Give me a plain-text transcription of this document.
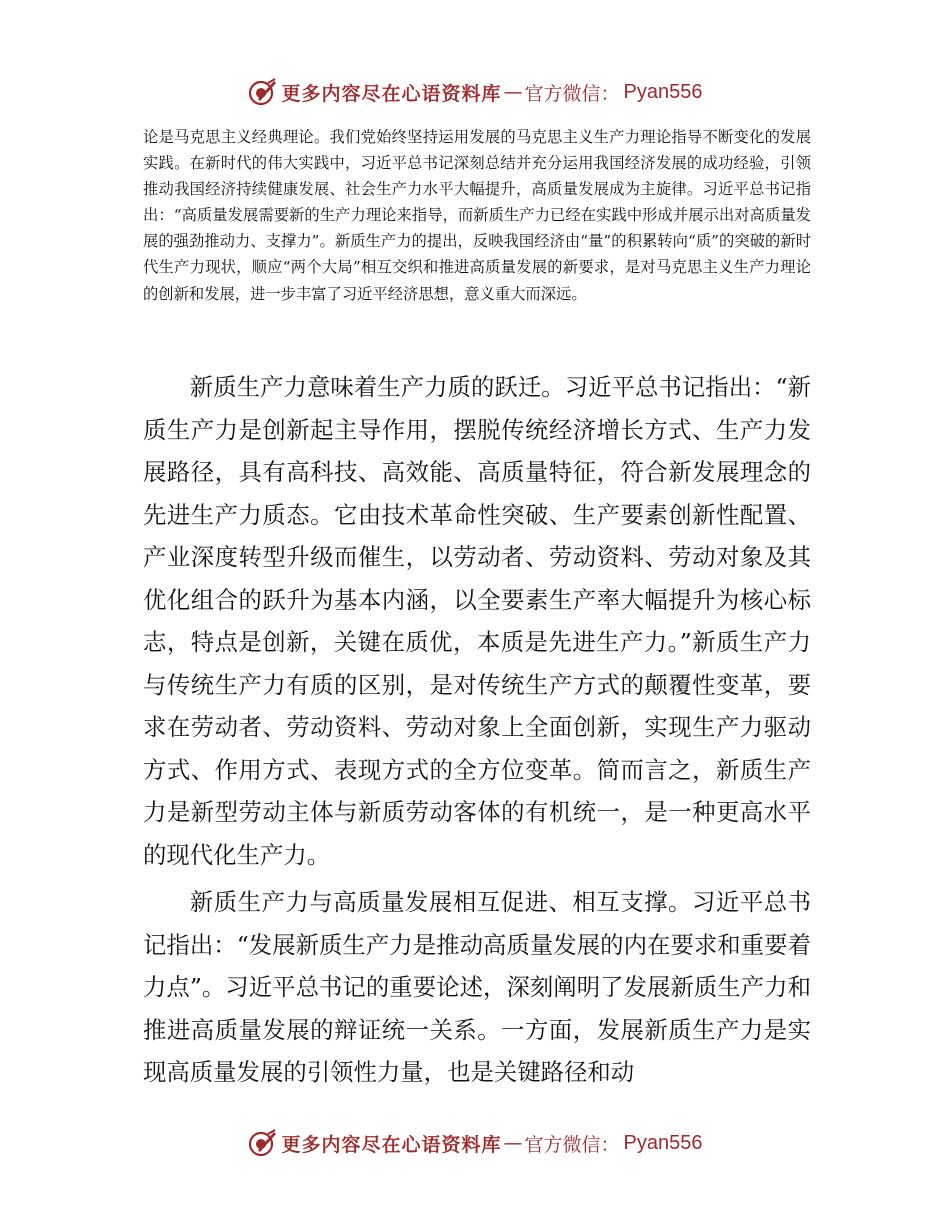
更多内容尽在心语资料库 — 官方微信： Pyan556

论是马克思主义经典理论。我们党始终坚持运用发展的马克思主义生产力理论指导不断变化的发展实践。在新时代的伟大实践中，习近平总书记深刻总结并充分运用我国经济发展的成功经验，引领推动我国经济持续健康发展、社会生产力水平大幅提升，高质量发展成为主旋律。习近平总书记指出：“高质量发展需要新的生产力理论来指导，而新质生产力已经在实践中形成并展示出对高质量发展的强劲推动力、支撑力”。新质生产力的提出，反映我国经济由“量”的积累转向“质”的突破的新时代生产力现状，顺应“两个大局”相互交织和推进高质量发展的新要求，是对马克思主义生产力理论的创新和发展，进一步丰富了习近平经济思想，意义重大而深远。

新质生产力意味着生产力质的跃迁。习近平总书记指出：“新质生产力是创新起主导作用，摆脱传统经济增长方式、生产力发展路径，具有高科技、高效能、高质量特征，符合新发展理念的先进生产力质态。它由技术革命性突破、生产要素创新性配置、产业深度转型升级而催生，以劳动者、劳动资料、劳动对象及其优化组合的跃升为基本内涵，以全要素生产率大幅提升为核心标志，特点是创新，关键在质优，本质是先进生产力。”新质生产力与传统生产力有质的区别，是对传统生产方式的颠覆性变革，要求在劳动者、劳动资料、劳动对象上全面创新，实现生产力驱动方式、作用方式、表现方式的全方位变革。简而言之，新质生产力是新型劳动主体与新质劳动客体的有机统一，是一种更高水平的现代化生产力。

新质生产力与高质量发展相互促进、相互支撑。习近平总书记指出：“发展新质生产力是推动高质量发展的内在要求和重要着力点”。习近平总书记的重要论述，深刻阐明了发展新质生产力和推进高质量发展的辩证统一关系。一方面，发展新质生产力是实现高质量发展的引领性力量，也是关键路径和动

更多内容尽在心语资料库 — 官方微信： Pyan556
